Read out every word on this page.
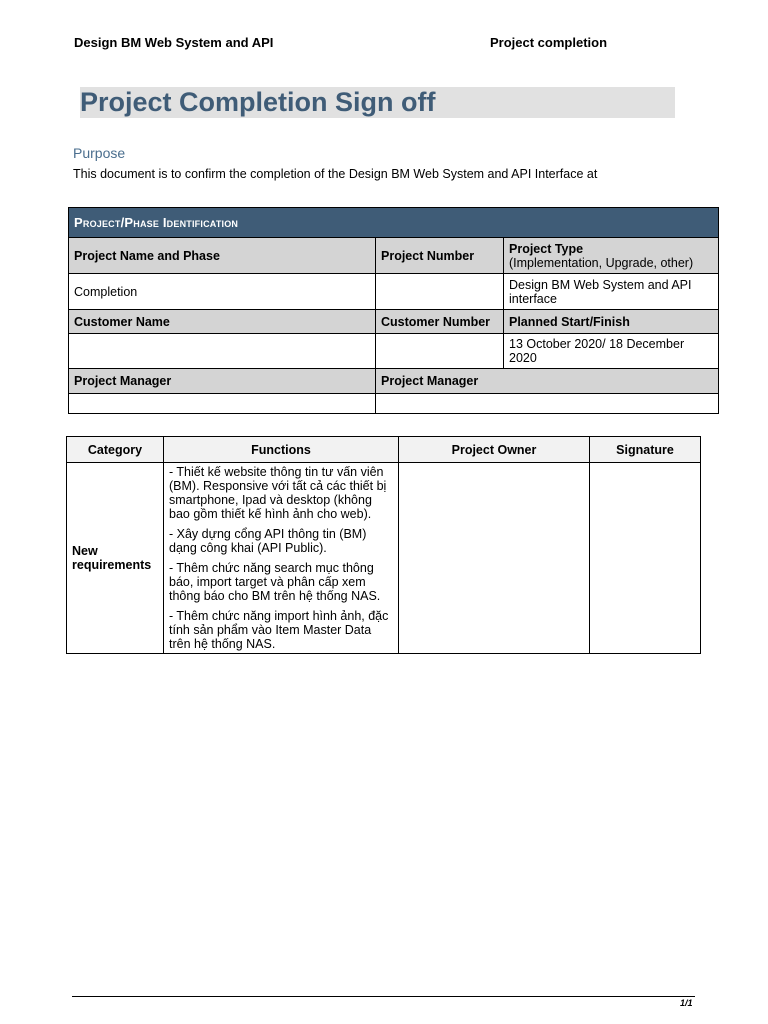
Design BM Web System and API	Project completion
Project Completion Sign off
Purpose
This document is to confirm the completion of the Design BM Web System and API Interface at
Project/Phase Identification		
Project Name and Phase	Project Number	Project Type
(Implementation, Upgrade, other)

Completion		Design BM Web System and API interface
Customer Name	Customer Number	Planned Start/Finish
		13 October 2020/ 18 December 2020
Project Manager	Project Manager	

Category	Functions	Project Owner	Signature
New requirements	- Thiết kế website thông tin tư vấn viên (BM). Responsive với tất cả các thiết bị smartphone, Ipad và desktop (không bao gồm thiết kế hình ảnh cho web).
- Xây dựng cổng API thông tin (BM) dạng công khai (API Public).
- Thêm chức năng search mục thông báo, import target và phân cấp xem thông báo cho BM trên hệ thống NAS.
- Thêm chức năng import hình ảnh, đặc tính sản phẩm vào Item Master Data trên hệ thống NAS.		

1/1
